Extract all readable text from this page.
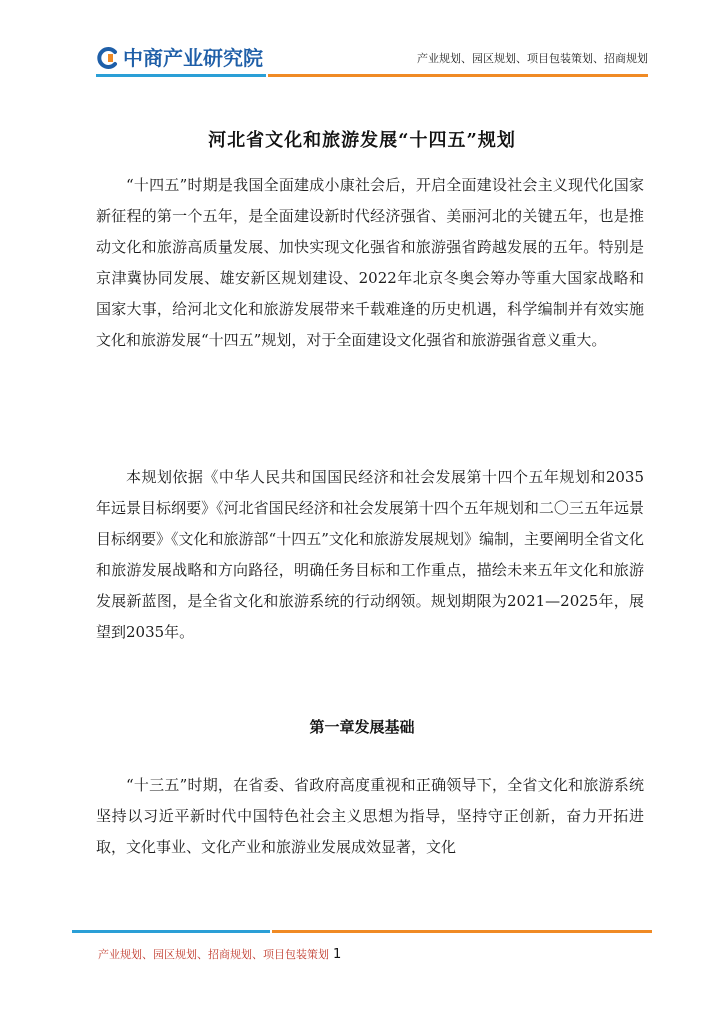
中商产业研究院	产业规划、园区规划、项目包装策划、招商规划
河北省文化和旅游发展“十四五”规划

“十四五”时期是我国全面建成小康社会后，开启全面建设社会主义现代化国家新征程的第一个五年，是全面建设新时代经济强省、美丽河北的关键五年，也是推动文化和旅游高质量发展、加快实现文化强省和旅游强省跨越发展的五年。特别是京津冀协同发展、雄安新区规划建设、2022年北京冬奥会筹办等重大国家战略和国家大事，给河北文化和旅游发展带来千载难逢的历史机遇，科学编制并有效实施文化和旅游发展“十四五”规划，对于全面建设文化强省和旅游强省意义重大。

本规划依据《中华人民共和国国民经济和社会发展第十四个五年规划和2035年远景目标纲要》《河北省国民经济和社会发展第十四个五年规划和二〇三五年远景目标纲要》《文化和旅游部“十四五”文化和旅游发展规划》编制，主要阐明全省文化和旅游发展战略和方向路径，明确任务目标和工作重点，描绘未来五年文化和旅游发展新蓝图，是全省文化和旅游系统的行动纲领。规划期限为2021—2025年，展望到2035年。

第一章发展基础

“十三五”时期，在省委、省政府高度重视和正确领导下，全省文化和旅游系统坚持以习近平新时代中国特色社会主义思想为指导，坚持守正创新，奋力开拓进取，文化事业、文化产业和旅游业发展成效显著，文化

产业规划、园区规划、招商规划、项目包装策划 1
